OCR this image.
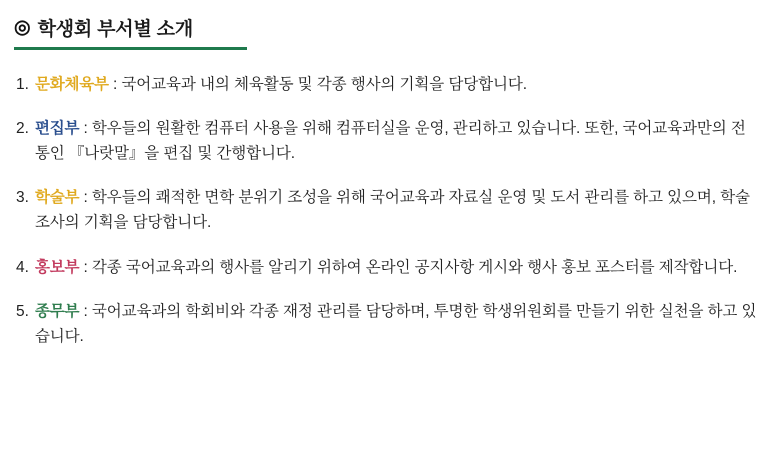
◎ 학생회 부서별 소개
1. 문화체육부 : 국어교육과 내의 체육활동 및 각종 행사의 기획을 담당합니다.
2. 편집부 : 학우들의 원활한 컴퓨터 사용을 위해 컴퓨터실을 운영, 관리하고 있습니다. 또한, 국어교육과만의 전통인 『나랏말』을 편집 및 간행합니다.
3. 학술부 : 학우들의 쾌적한 면학 분위기 조성을 위해 국어교육과 자료실 운영 및 도서 관리를 하고 있으며, 학술조사의 기획을 담당합니다.
4. 홍보부 : 각종 국어교육과의 행사를 알리기 위하여 온라인 공지사항 게시와 행사 홍보 포스터를 제작합니다.
5. 종무부 : 국어교육과의 학회비와 각종 재정 관리를 담당하며, 투명한 학생위원회를 만들기 위한 실천을 하고 있습니다.
